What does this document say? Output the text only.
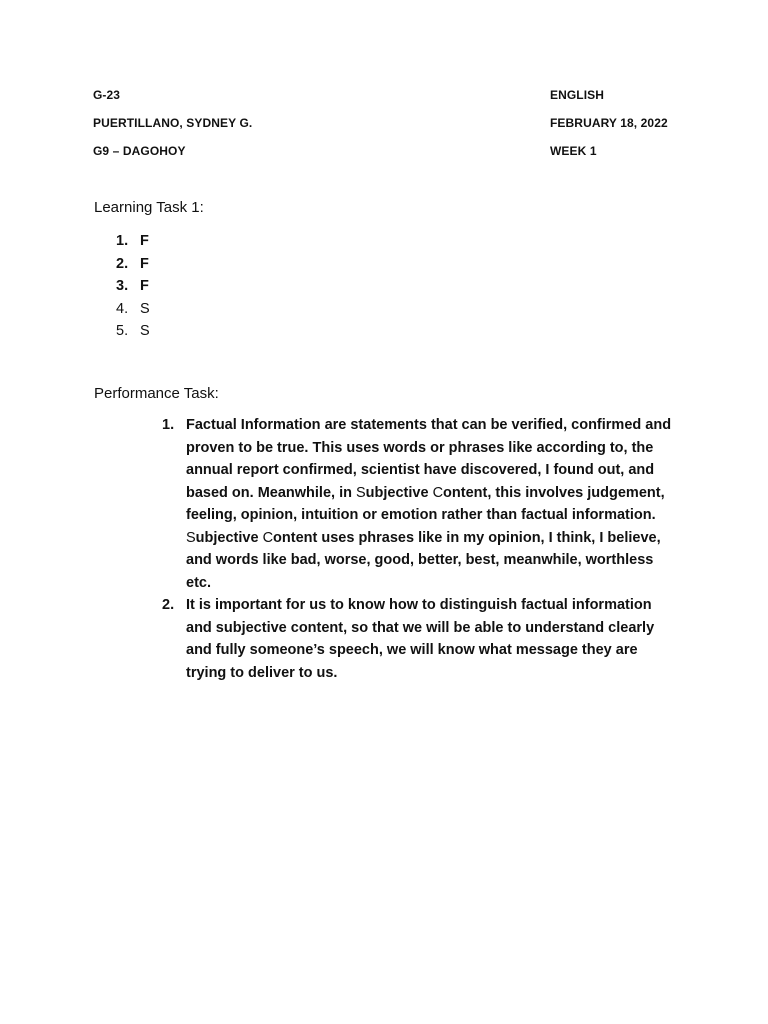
G-23	ENGLISH
PUERTILLANO, SYDNEY G.	FEBRUARY 18, 2022
G9 – DAGOHOY	WEEK 1
Learning Task 1:
1. F
2. F
3. F
4. S
5. S
Performance Task:
1. Factual Information are statements that can be verified, confirmed and proven to be true. This uses words or phrases like according to, the annual report confirmed, scientist have discovered, I found out, and based on. Meanwhile, in Subjective Content, this involves judgement, feeling, opinion, intuition or emotion rather than factual information. Subjective Content uses phrases like in my opinion, I think, I believe, and words like bad, worse, good, better, best, meanwhile, worthless etc.
2. It is important for us to know how to distinguish factual information and subjective content, so that we will be able to understand clearly and fully someone’s speech, we will know what message they are trying to deliver to us.
